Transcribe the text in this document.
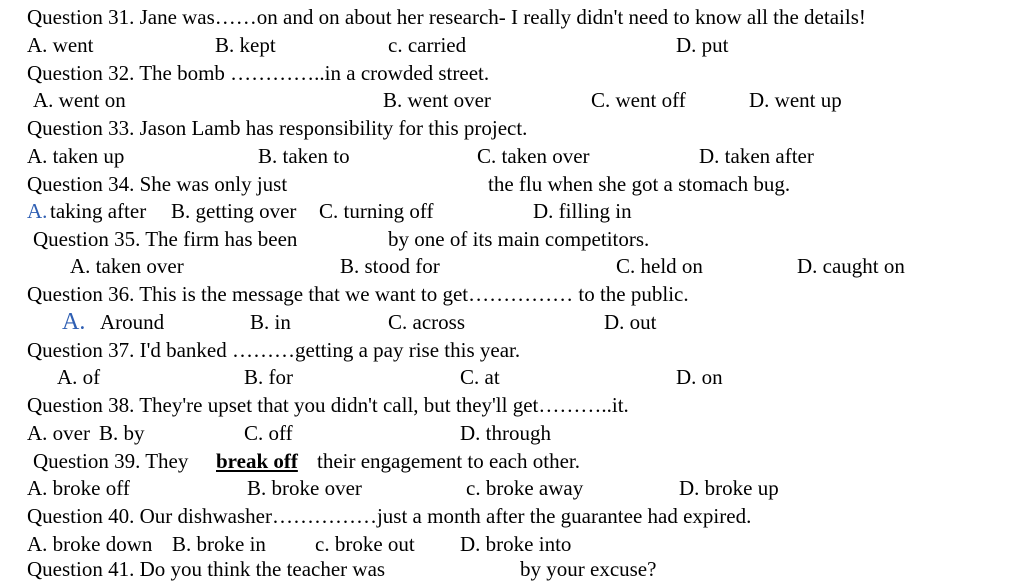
Question 31. Jane was……on and on about her research- I really didn't need to know all the details!
A. went	B. kept	c. carried	D. put
Question 32. The bomb …………..in a crowded street.
A. went on	B. went over	C. went off	D. went up
Question 33. Jason Lamb has responsibility for this project.
A. taken up	B. taken to	C. taken over	D. taken after
Question 34. She was only just	the flu when she got a stomach bug.
A. taking after B. getting over C. turning off	D. filling in
Question 35. The firm has been	by one of its main competitors.
A. taken over	B. stood for	C. held on	D. caught on
Question 36. This is the message that we want to get…………… to the public.
A. Around	B. in	C. across	D. out
Question 37. I'd banked ………getting a pay rise this year.
A. of	B. for	C. at	D. on
Question 38. They're upset that you didn't call, but they'll get………..it.
A. over B. by	C. off	D. through
Question 39. They break off their engagement to each other.
A. broke off	B. broke over	c. broke away	D. broke up
Question 40. Our dishwasher……………just a month after the guarantee had expired.
A. broke down B. broke in c. broke out D. broke into
Question 41. Do you think the teacher was	by your excuse?
